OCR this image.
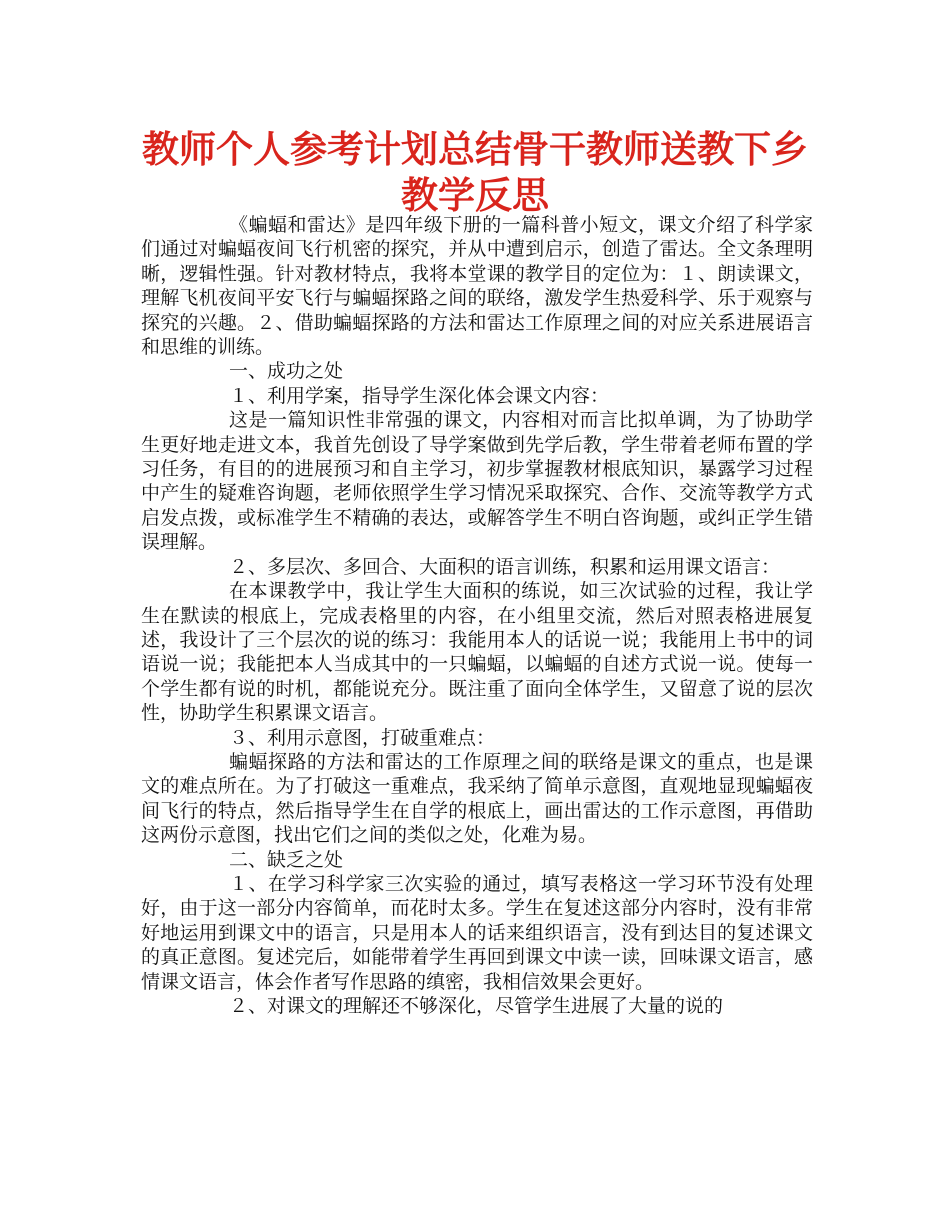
教师个人参考计划总结骨干教师送教下乡
教学反思

《蝙蝠和雷达》是四年级下册的一篇科普小短文，课文介绍了科学家们通过对蝙蝠夜间飞行机密的探究，并从中遭到启示，创造了雷达。全文条理明晰，逻辑性强。针对教材特点，我将本堂课的教学目的定位为：１、朗读课文，理解飞机夜间平安飞行与蝙蝠探路之间的联络，激发学生热爱科学、乐于观察与探究的兴趣。２、借助蝙蝠探路的方法和雷达工作原理之间的对应关系进展语言和思维的训练。

一、成功之处

１、利用学案，指导学生深化体会课文内容：

这是一篇知识性非常强的课文，内容相对而言比拟单调，为了协助学生更好地走进文本，我首先创设了导学案做到先学后教，学生带着老师布置的学习任务，有目的的进展预习和自主学习，初步掌握教材根底知识，暴露学习过程中产生的疑难咨询题，老师依照学生学习情况采取探究、合作、交流等教学方式启发点拨，或标准学生不精确的表达，或解答学生不明白咨询题，或纠正学生错误理解。

２、多层次、多回合、大面积的语言训练，积累和运用课文语言：

在本课教学中，我让学生大面积的练说，如三次试验的过程，我让学生在默读的根底上，完成表格里的内容，在小组里交流，然后对照表格进展复述，我设计了三个层次的说的练习：我能用本人的话说一说；我能用上书中的词语说一说；我能把本人当成其中的一只蝙蝠，以蝙蝠的自述方式说一说。使每一个学生都有说的时机，都能说充分。既注重了面向全体学生，又留意了说的层次性，协助学生积累课文语言。

３、利用示意图，打破重难点：

蝙蝠探路的方法和雷达的工作原理之间的联络是课文的重点，也是课文的难点所在。为了打破这一重难点，我采纳了简单示意图，直观地显现蝙蝠夜间飞行的特点，然后指导学生在自学的根底上，画出雷达的工作示意图，再借助这两份示意图，找出它们之间的类似之处，化难为易。

二、缺乏之处

１、在学习科学家三次实验的通过，填写表格这一学习环节没有处理好，由于这一部分内容简单，而花时太多。学生在复述这部分内容时，没有非常好地运用到课文中的语言，只是用本人的话来组织语言，没有到达目的复述课文的真正意图。复述完后，如能带着学生再回到课文中读一读，回味课文语言，感情课文语言，体会作者写作思路的缜密，我相信效果会更好。

２、对课文的理解还不够深化，尽管学生进展了大量的说的
